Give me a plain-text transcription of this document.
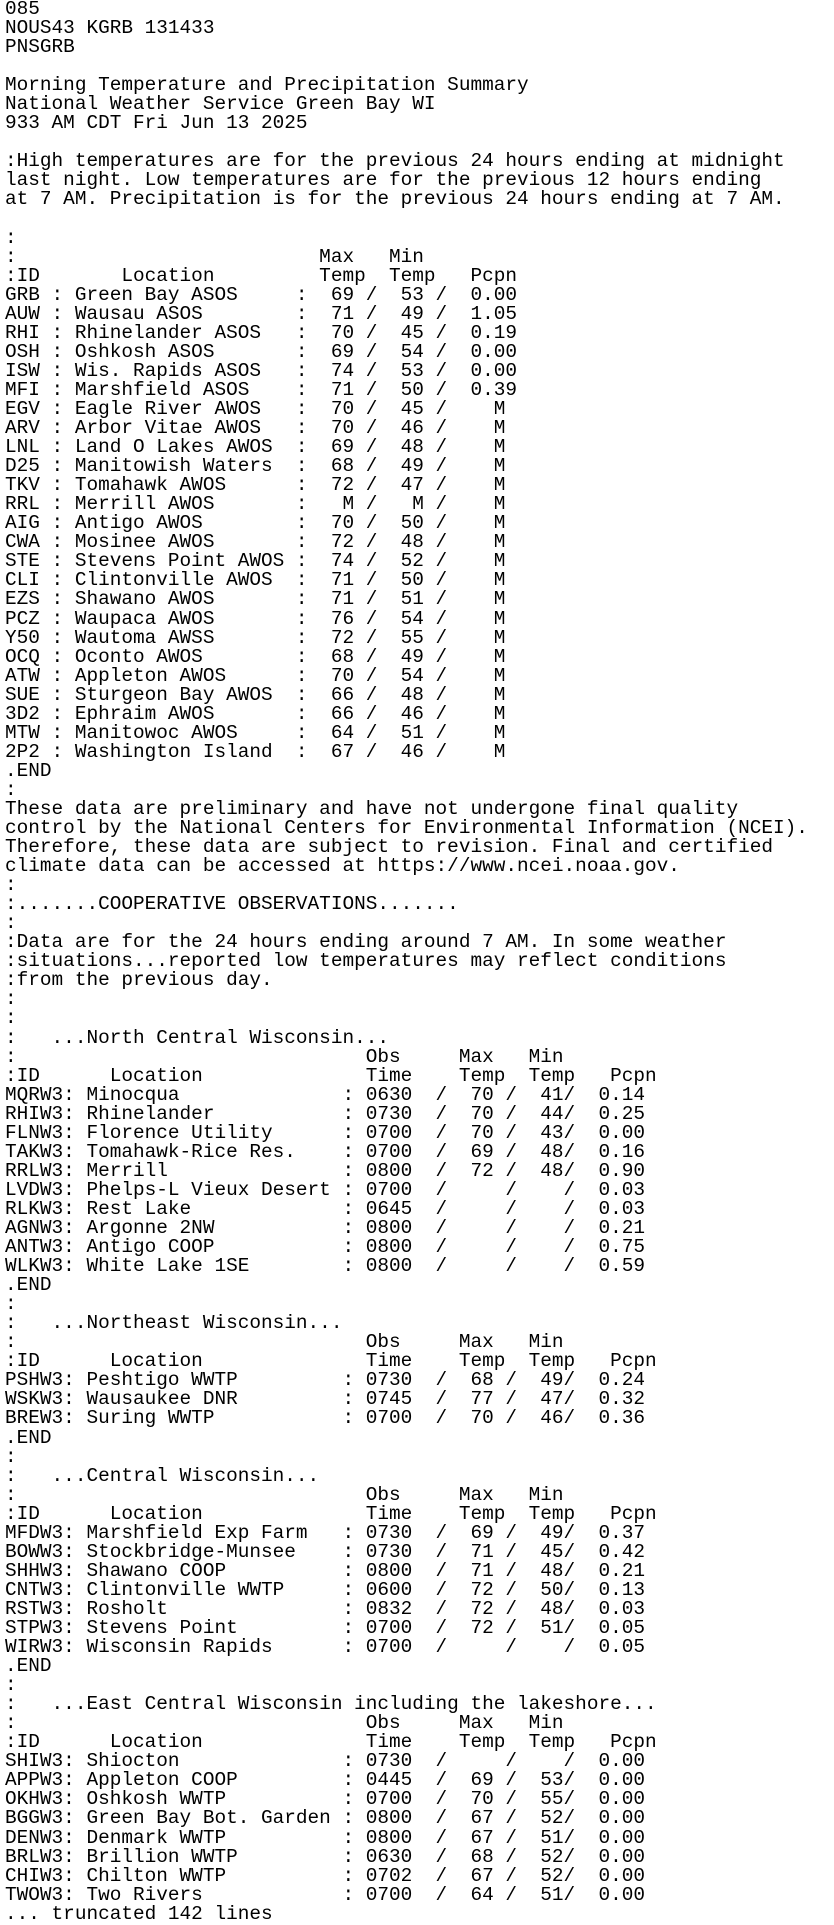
085
NOUS43 KGRB 131433
PNSGRB
Morning Temperature and Precipitation Summary
National Weather Service Green Bay WI
933 AM CDT Fri Jun 13 2025
:High temperatures are for the previous 24 hours ending at midnight
last night. Low temperatures are for the previous 12 hours ending
at 7 AM. Precipitation is for the previous 24 hours ending at 7 AM.
:
:                          Max   Min
:ID       Location         Temp  Temp   Pcpn
GRB : Green Bay ASOS     :  69 /  53 /  0.00
AUW : Wausau ASOS        :  71 /  49 /  1.05
RHI : Rhinelander ASOS   :  70 /  45 /  0.19
OSH : Oshkosh ASOS       :  69 /  54 /  0.00
ISW : Wis. Rapids ASOS   :  74 /  53 /  0.00
MFI : Marshfield ASOS    :  71 /  50 /  0.39
EGV : Eagle River AWOS   :  70 /  45 /    M
ARV : Arbor Vitae AWOS   :  70 /  46 /    M
LNL : Land O Lakes AWOS  :  69 /  48 /    M
D25 : Manitowish Waters  :  68 /  49 /    M
TKV : Tomahawk AWOS      :  72 /  47 /    M
RRL : Merrill AWOS       :   M /   M /    M
AIG : Antigo AWOS        :  70 /  50 /    M
CWA : Mosinee AWOS       :  72 /  48 /    M
STE : Stevens Point AWOS :  74 /  52 /    M
CLI : Clintonville AWOS  :  71 /  50 /    M
EZS : Shawano AWOS       :  71 /  51 /    M
PCZ : Waupaca AWOS       :  76 /  54 /    M
Y50 : Wautoma AWSS       :  72 /  55 /    M
OCQ : Oconto AWOS        :  68 /  49 /    M
ATW : Appleton AWOS      :  70 /  54 /    M
SUE : Sturgeon Bay AWOS  :  66 /  48 /    M
3D2 : Ephraim AWOS       :  66 /  46 /    M
MTW : Manitowoc AWOS     :  64 /  51 /    M
2P2 : Washington Island  :  67 /  46 /    M
.END
:
These data are preliminary and have not undergone final quality
control by the National Centers for Environmental Information (NCEI).
Therefore, these data are subject to revision. Final and certified
climate data can be accessed at https://www.ncei.noaa.gov.
:
:.......COOPERATIVE OBSERVATIONS.......
:
:Data are for the 24 hours ending around 7 AM. In some weather
:situations...reported low temperatures may reflect conditions
:from the previous day.
:
:
:   ...North Central Wisconsin...
:                              Obs     Max   Min
:ID      Location              Time    Temp  Temp   Pcpn
MQRW3: Minocqua              : 0630  /  70 /  41/  0.14
RHIW3: Rhinelander           : 0730  /  70 /  44/  0.25
FLNW3: Florence Utility      : 0700  /  70 /  43/  0.00
TAKW3: Tomahawk-Rice Res.    : 0700  /  69 /  48/  0.16
RRLW3: Merrill               : 0800  /  72 /  48/  0.90
LVDW3: Phelps-L Vieux Desert : 0700  /     /    /  0.03
RLKW3: Rest Lake             : 0645  /     /    /  0.03
AGNW3: Argonne 2NW           : 0800  /     /    /  0.21
ANTW3: Antigo COOP           : 0800  /     /    /  0.75
WLKW3: White Lake 1SE        : 0800  /     /    /  0.59
.END
:
:   ...Northeast Wisconsin...
:                              Obs     Max   Min
:ID      Location              Time    Temp  Temp   Pcpn
PSHW3: Peshtigo WWTP         : 0730  /  68 /  49/  0.24
WSKW3: Wausaukee DNR         : 0745  /  77 /  47/  0.32
BREW3: Suring WWTP           : 0700  /  70 /  46/  0.36
.END
:
:   ...Central Wisconsin...
:                              Obs     Max   Min
:ID      Location              Time    Temp  Temp   Pcpn
MFDW3: Marshfield Exp Farm   : 0730  /  69 /  49/  0.37
BOWW3: Stockbridge-Munsee    : 0730  /  71 /  45/  0.42
SHHW3: Shawano COOP          : 0800  /  71 /  48/  0.21
CNTW3: Clintonville WWTP     : 0600  /  72 /  50/  0.13
RSTW3: Rosholt               : 0832  /  72 /  48/  0.03
STPW3: Stevens Point         : 0700  /  72 /  51/  0.05
WIRW3: Wisconsin Rapids      : 0700  /     /    /  0.05
.END
:
:   ...East Central Wisconsin including the lakeshore...
:                              Obs     Max   Min
:ID      Location              Time    Temp  Temp   Pcpn
SHIW3: Shiocton              : 0730  /     /    /  0.00
APPW3: Appleton COOP         : 0445  /  69 /  53/  0.00
OKHW3: Oshkosh WWTP          : 0700  /  70 /  55/  0.00
BGGW3: Green Bay Bot. Garden : 0800  /  67 /  52/  0.00
DENW3: Denmark WWTP          : 0800  /  67 /  51/  0.00
BRLW3: Brillion WWTP         : 0630  /  68 /  52/  0.00
CHIW3: Chilton WWTP          : 0702  /  67 /  52/  0.00
TWOW3: Two Rivers            : 0700  /  64 /  51/  0.00
... truncated 142 lines
